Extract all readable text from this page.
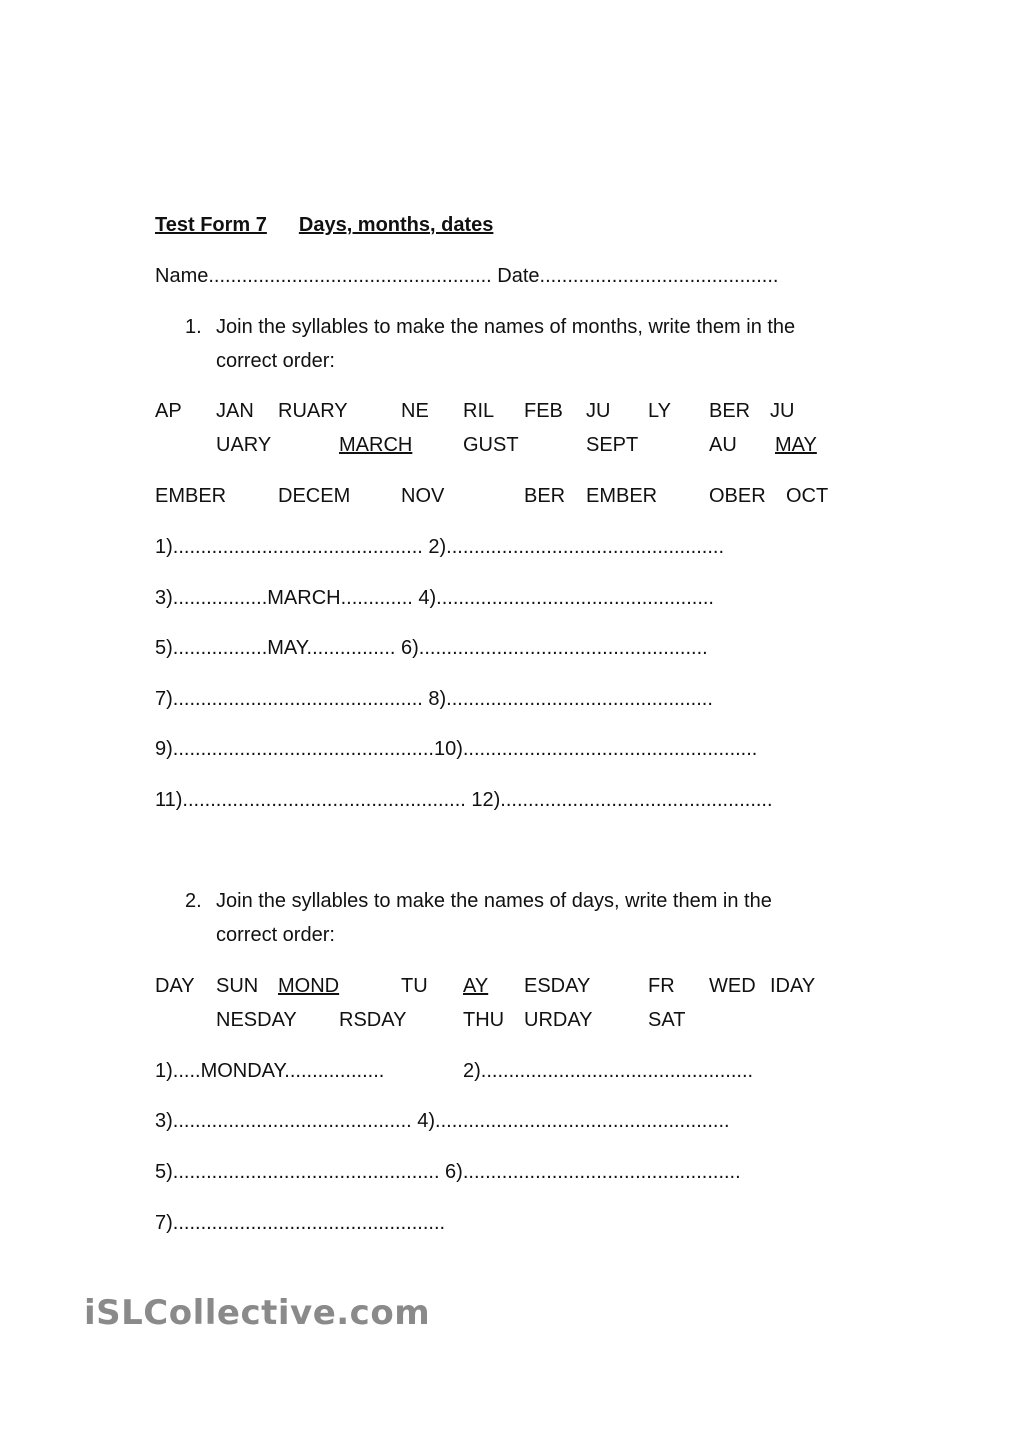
Test Form 7 Days, months, dates
Name................................................... Date...........................................
1. Join the syllables to make the names of months, write them in the
correct order:
AP JAN RUARY	NE RIL FEB JU LY BER JU
UARY	MARCH	GUST	SEPT	AU MAY
EMBER	DECEM	NOV	BER EMBER	OBER OCT
1)............................................. 2)..................................................
3).................MARCH............. 4)..................................................
5).................MAY................ 6)....................................................
7)............................................. 8)................................................
9)...............................................10).....................................................
11)................................................... 12).................................................
2. Join the syllables to make the names of days, write them in the
correct order:
DAY SUN MOND	TU AY ESDAY	FR WED IDAY
NESDAY RSDAY	THU URDAY	SAT
1).....MONDAY..................	2).................................................
3)........................................... 4).....................................................
5)................................................ 6)..................................................
7).................................................
iSLCollective.com
